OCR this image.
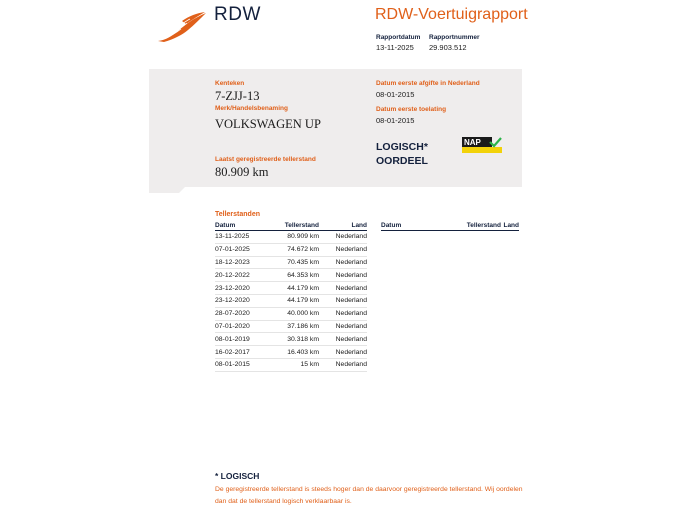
RDW	RDW-Voertuigrapport
Rapportdatum
13-11-2025
Rapportnummer
29.903.512
Kenteken
7-ZJJ-13
Merk/Handelsbenaming
VOLKSWAGEN UP
Laatst geregistreerde tellerstand
80.909 km
Datum eerste afgifte in Nederland
08-01-2015
Datum eerste toelating
08-01-2015
LOGISCH*
OORDEEL
NAP
Tellerstanden
Datum	Tellerstand	Land
13-11-2025	80.909 km	Nederland
07-01-2025	74.672 km	Nederland
18-12-2023	70.435 km	Nederland
20-12-2022	64.353 km	Nederland
23-12-2020	44.179 km	Nederland
23-12-2020	44.179 km	Nederland
28-07-2020	40.000 km	Nederland
07-01-2020	37.186 km	Nederland
08-01-2019	30.318 km	Nederland
16-02-2017	16.403 km	Nederland
08-01-2015	15 km	Nederland
Datum	Tellerstand	Land
* LOGISCH
De geregistreerde tellerstand is steeds hoger dan de daarvoor geregistreerde tellerstand. Wij oordelen dan dat de tellerstand logisch verklaarbaar is.
